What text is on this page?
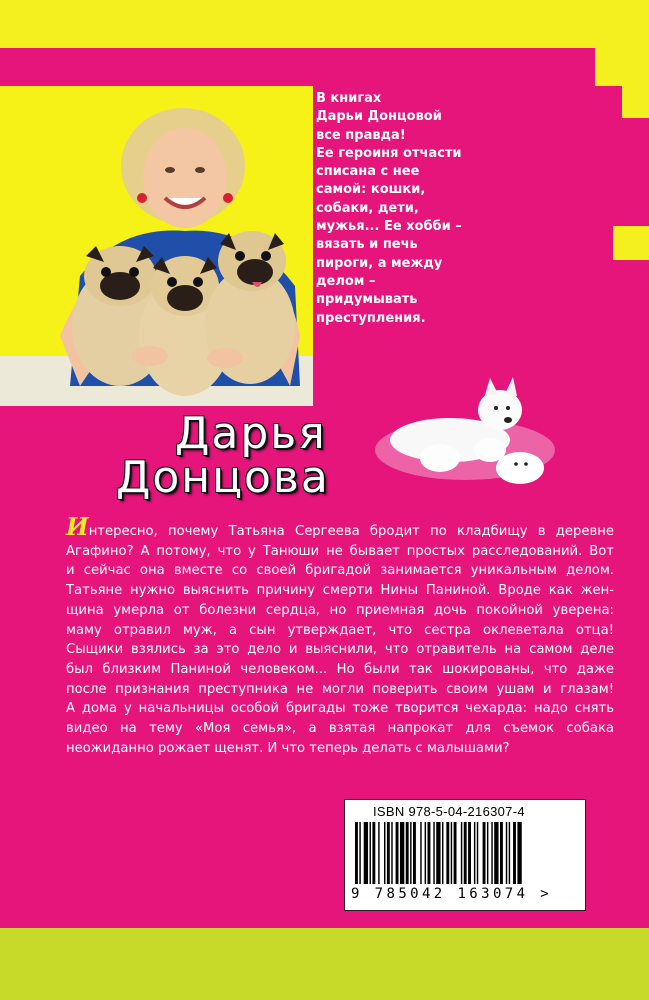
В книгах
Дарьи Донцовой
все правда!
Ее героиня отчасти
списана с нее
самой: кошки,
собаки, дети,
мужья... Ее хобби –
вязать и печь
пироги, а между
делом –
придумывать
преступления.
Дарья
Донцова
Интересно, почему Татьяна Сергеева бродит по кладбищу в деревне
Агафино? А потому, что у Танюши не бывает простых расследований. Вот
и сейчас она вместе со своей бригадой занимается уникальным делом.
Татьяне нужно выяснить причину смерти Нины Паниной. Вроде как жен-
щина умерла от болезни сердца, но приемная дочь покойной уверена:
маму отравил муж, а сын утверждает, что сестра оклеветала отца!
Сыщики взялись за это дело и выяснили, что отравитель на самом деле
был близким Паниной человеком... Но были так шокированы, что даже
после признания преступника не могли поверить своим ушам и глазам!
А дома у начальницы особой бригады тоже творится чехарда: надо снять
видео на тему «Моя семья», а взятая напрокат для съемок собака
неожиданно рожает щенят. И что теперь делать с малышами?
ISBN 978-5-04-216307-4
9 785042 163074 >
